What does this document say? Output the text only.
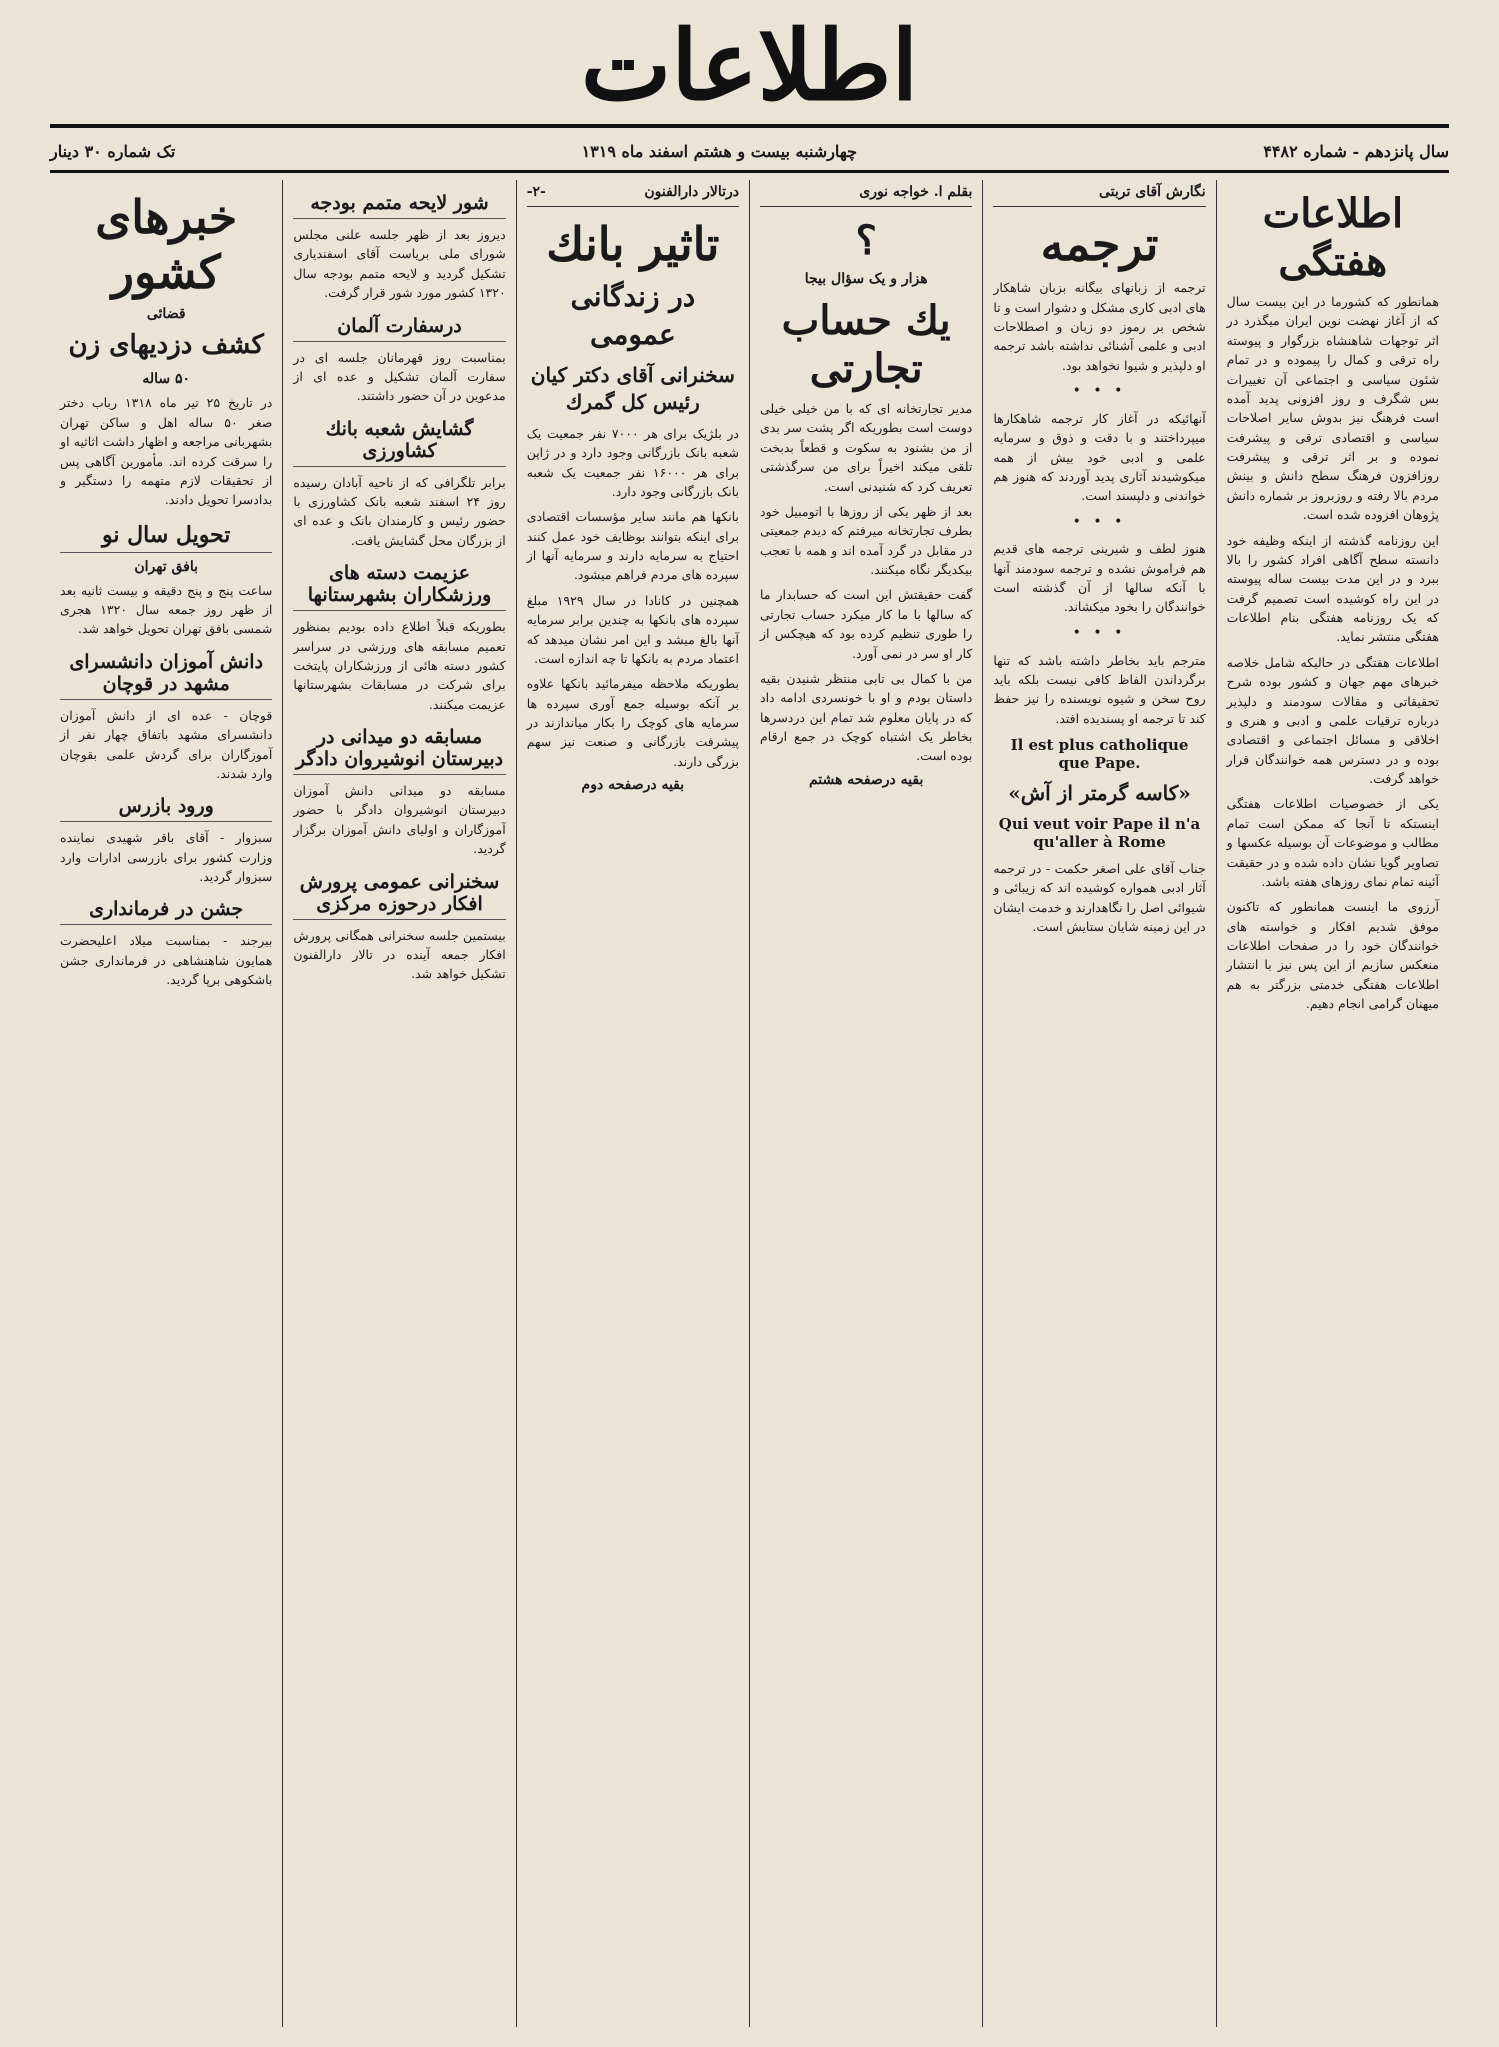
اطلاعات
سال پانزدهم - شماره ۴۴۸۲
چهارشنبه بیست و هشتم اسفند ماه ۱۳۱۹
تک شماره ۳۰ دینار
اطلاعات هفتگی

همانطور که کشورما در این بیست سال که از آغاز نهضت نوین ایران میگذرد در اثر توجهات شاهنشاه بزرگوار و پیوسته راه ترقی و کمال را پیموده و در تمام شئون سیاسی و اجتماعی آن تغییرات بس شگرف و روز افزونی پدید آمده است فرهنگ نیز بدوش سایر اصلاحات سیاسی و اقتصادی ترقی و پیشرفت نموده و بر اثر ترقی و پیشرفت روزافزون فرهنگ سطح دانش و بینش مردم بالا رفته و روزبروز بر شماره دانش پژوهان افزوده شده است.

این روزنامه گذشته از اینکه وظیفه خود دانسته سطح آگاهی افراد کشور را بالا ببرد و در این مدت بیست ساله پیوسته در این راه کوشیده است تصمیم گرفت که یک روزنامه هفتگی بنام اطلاعات هفتگی منتشر نماید.

اطلاعات هفتگی در حالیکه شامل خلاصه خبرهای مهم جهان و کشور بوده شرح تحقیقاتی و مقالات سودمند و دلپذیر درباره ترقیات علمی و ادبی و هنری و اخلاقی و مسائل اجتماعی و اقتصادی بوده و در دسترس همه خوانندگان قرار خواهد گرفت.

یکی از خصوصیات اطلاعات هفتگی اینستکه تا آنجا که ممکن است تمام مطالب و موضوعات آن بوسیله عکسها و تصاویر گویا نشان داده شده و در حقیقت آئینه تمام نمای روزهای هفته باشد.

آرزوی ما اینست همانطور که تاکنون موفق شدیم افکار و خواسته های خوانندگان خود را در صفحات اطلاعات منعکس سازیم از این پس نیز با انتشار اطلاعات هفتگی خدمتی بزرگتر به هم میهنان گرامی انجام دهیم.

نگارش آقای تربتی
ترجمه

ترجمه از زبانهای بیگانه بزبان شاهکار های ادبی کاری مشکل و دشوار است و تا شخص بر رموز دو زبان و اصطلاحات ادبی و علمی آشنائی نداشته باشد ترجمه او دلپذیر و شیوا نخواهد بود.

• • •

آنهائیکه در آغاز کار ترجمه شاهکارها میپرداختند و با دقت و ذوق و سرمایه علمی و ادبی خود بیش از همه میکوشیدند آثاری پدید آوردند که هنوز هم خواندنی و دلپسند است.

• • •

هنوز لطف و شیرینی ترجمه های قدیم هم فراموش نشده و ترجمه سودمند آنها با آنکه سالها از آن گذشته است خوانندگان را بخود میکشاند.

• • •

مترجم باید بخاطر داشته باشد که تنها برگرداندن الفاظ کافی نیست بلکه باید روح سخن و شیوه نویسنده را نیز حفظ کند تا ترجمه او پسندیده افتد.

Il est plus catholique que Pape.
«کاسه گرمتر از آش»
Qui veut voir Pape il n'a qu'aller à Rome

جناب آقای علی اصغر حکمت - در ترجمه آثار ادبی همواره کوشیده اند که زیبائی و شیوائی اصل را نگاهدارند و خدمت ایشان در این زمینه شایان ستایش است.

بقلم ا. خواجه نوری
؟
هزار و یک سؤال بیجا
یك حساب تجارتی

مدیر تجارتخانه ای که با من خیلی خیلی دوست است بطوریکه اگر پشت سر بدی از من بشنود به سکوت و قطعاً بدبخت تلقی میکند اخیراً برای من سرگذشتی تعریف کرد که شنیدنی است.

بعد از ظهر یکی از روزها با اتومبیل خود بطرف تجارتخانه میرفتم که دیدم جمعیتی در مقابل در گرد آمده اند و همه با تعجب بیکدیگر نگاه میکنند.

گفت حقیقتش این است که حسابدار ما که سالها با ما کار میکرد حساب تجارتی را طوری تنظیم کرده بود که هیچکس از کار او سر در نمی آورد.

من با کمال بی تابی منتظر شنیدن بقیه داستان بودم و او با خونسردی ادامه داد که در پایان معلوم شد تمام این دردسرها بخاطر یک اشتباه کوچک در جمع ارقام بوده است.

بقیه درصفحه هشتم
درتالار دارالفنون
-۲-
تاثیر بانك
در زندگانی عمومی
سخنرانی آقای دکتر کیان رئیس کل گمرك

در بلژیک برای هر ۷۰۰۰ نفر جمعیت یک شعبه بانک بازرگانی وجود دارد و در ژاپن برای هر ۱۶۰۰۰ نفر جمعیت یک شعبه بانک بازرگانی وجود دارد.

بانکها هم مانند سایر مؤسسات اقتصادی برای اینکه بتوانند بوظایف خود عمل کنند احتیاج به سرمایه دارند و سرمایه آنها از سپرده های مردم فراهم میشود.

همچنین در کانادا در سال ۱۹۲۹ مبلغ سپرده های بانکها به چندین برابر سرمایه آنها بالغ میشد و این امر نشان میدهد که اعتماد مردم به بانکها تا چه اندازه است.

بطوریکه ملاحظه میفرمائید بانکها علاوه بر آنکه بوسیله جمع آوری سپرده ها سرمایه های کوچک را بکار میاندازند در پیشرفت بازرگانی و صنعت نیز سهم بزرگی دارند.

بقیه درصفحه دوم
شور لایحه متمم بودجه

دیروز بعد از ظهر جلسه علنی مجلس شورای ملی بریاست آقای اسفندیاری تشکیل گردید و لایحه متمم بودجه سال ۱۳۲۰ کشور مورد شور قرار گرفت.

درسفارت آلمان

بمناسبت روز قهرمانان جلسه ای در سفارت آلمان تشکیل و عده ای از مدعوین در آن حضور داشتند.

گشایش شعبه بانك كشاورزی

برابر تلگرافی که از ناحیه آبادان رسیده روز ۲۴ اسفند شعبه بانک کشاورزی با حضور رئیس و کارمندان بانک و عده ای از بزرگان محل گشایش یافت.

عزیمت دسته های ورزشکاران بشهرستانها

بطوریکه قبلاً اطلاع داده بودیم بمنظور تعمیم مسابقه های ورزشی در سراسر کشور دسته هائی از ورزشکاران پایتخت برای شرکت در مسابقات بشهرستانها عزیمت میکنند.

مسابقه دو میدانی در دبیرستان انوشیروان دادگر

مسابقه دو میدانی دانش آموزان دبیرستان انوشیروان دادگر با حضور آموزگاران و اولیای دانش آموزان برگزار گردید.

سخنرانی عمومی پرورش افکار درحوزه مرکزی

بیستمین جلسه سخنرانی همگانی پرورش افکار جمعه آینده در تالار دارالفنون تشکیل خواهد شد.

خبرهای کشور
قضائی
کشف دزدیهای زن
۵۰ ساله

در تاریخ ۲۵ تیر ماه ۱۳۱۸ رباب دختر صغر ۵۰ ساله اهل و ساکن تهران بشهربانی مراجعه و اظهار داشت اثاثیه او را سرقت کرده اند. مأمورین آگاهی پس از تحقیقات لازم متهمه را دستگیر و بدادسرا تحویل دادند.

تحویل سال نو
بافق تهران

ساعت پنج و پنج دقیقه و بیست ثانیه بعد از ظهر روز جمعه سال ۱۳۲۰ هجری شمسی بافق تهران تحویل خواهد شد.

دانش آموزان دانشسرای مشهد در قوچان

قوچان - عده ای از دانش آموزان دانشسرای مشهد باتفاق چهار نفر از آموزگاران برای گردش علمی بقوچان وارد شدند.

ورود بازرس

سبزوار - آقای باقر شهیدی نماینده وزارت کشور برای بازرسی ادارات وارد سبزوار گردید.

جشن در فرمانداری

بیرجند - بمناسبت میلاد اعلیحضرت همایون شاهنشاهی در فرمانداری جشن باشکوهی برپا گردید.
